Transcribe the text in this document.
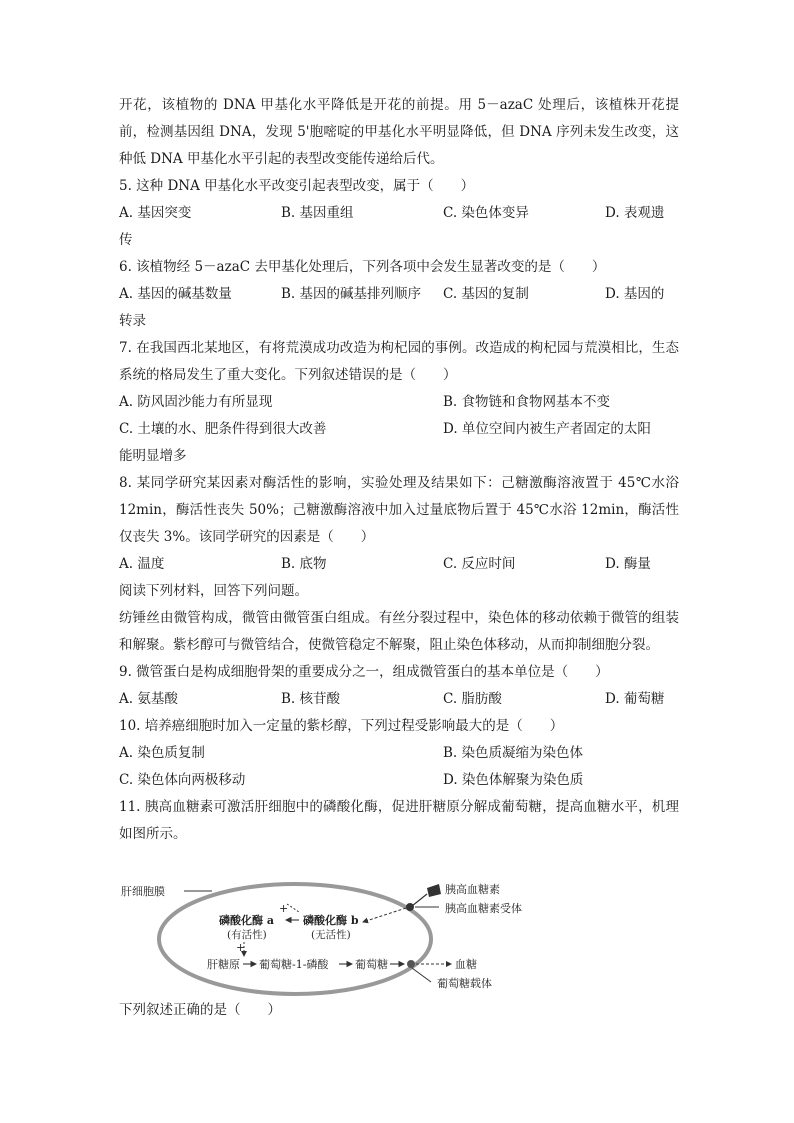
开花，该植物的 DNA 甲基化水平降低是开花的前提。用 5－azaC 处理后，该植株开花提前，检测基因组 DNA，发现 5'胞嘧啶的甲基化水平明显降低，但 DNA 序列未发生改变，这种低 DNA 甲基化水平引起的表型改变能传递给后代。

5. 这种 DNA 甲基化水平改变引起表型改变，属于（　　）

A. 基因突变	B. 基因重组	C. 染色体变异	D. 表观遗

传

6. 该植物经 5－azaC 去甲基化处理后，下列各项中会发生显著改变的是（　　）

A. 基因的碱基数量	B. 基因的碱基排列顺序 C. 基因的复制	D. 基因的

转录

7. 在我国西北某地区，有将荒漠成功改造为枸杞园的事例。改造成的枸杞园与荒漠相比，生态系统的格局发生了重大变化。下列叙述错误的是（　　）

A. 防风固沙能力有所显现	B. 食物链和食物网基本不变
C. 土壤的水、肥条件得到很大改善	D. 单位空间内被生产者固定的太阳

能明显增多

8. 某同学研究某因素对酶活性的影响，实验处理及结果如下：己糖激酶溶液置于 45℃水浴 12min，酶活性丧失 50%；己糖激酶溶液中加入过量底物后置于 45℃水浴 12min，酶活性仅丧失 3%。该同学研究的因素是（　　）

A. 温度	B. 底物	C. 反应时间	D. 酶量

阅读下列材料，回答下列问题。

纺锤丝由微管构成，微管由微管蛋白组成。有丝分裂过程中，染色体的移动依赖于微管的组装和解聚。紫杉醇可与微管结合，使微管稳定不解聚，阻止染色体移动，从而抑制细胞分裂。

9. 微管蛋白是构成细胞骨架的重要成分之一，组成微管蛋白的基本单位是（　　）

A. 氨基酸	B. 核苷酸	C. 脂肪酸	D. 葡萄糖

10. 培养癌细胞时加入一定量的紫杉醇，下列过程受影响最大的是（　　）

A. 染色质复制	B. 染色质凝缩为染色体
C. 染色体向两极移动	D. 染色体解聚为染色质

11. 胰高血糖素可激活肝细胞中的磷酸化酶，促进肝糖原分解成葡萄糖，提高血糖水平，机理如图所示。

肝细胞膜	胰高血糖素
胰高血糖素受体
磷酸化酶 a
(有活性)
磷酸化酶 b
(无活性)
+
+
肝糖原 葡萄糖-1-磷酸 葡萄糖	血糖
葡萄糖载体

下列叙述正确的是（　　）
